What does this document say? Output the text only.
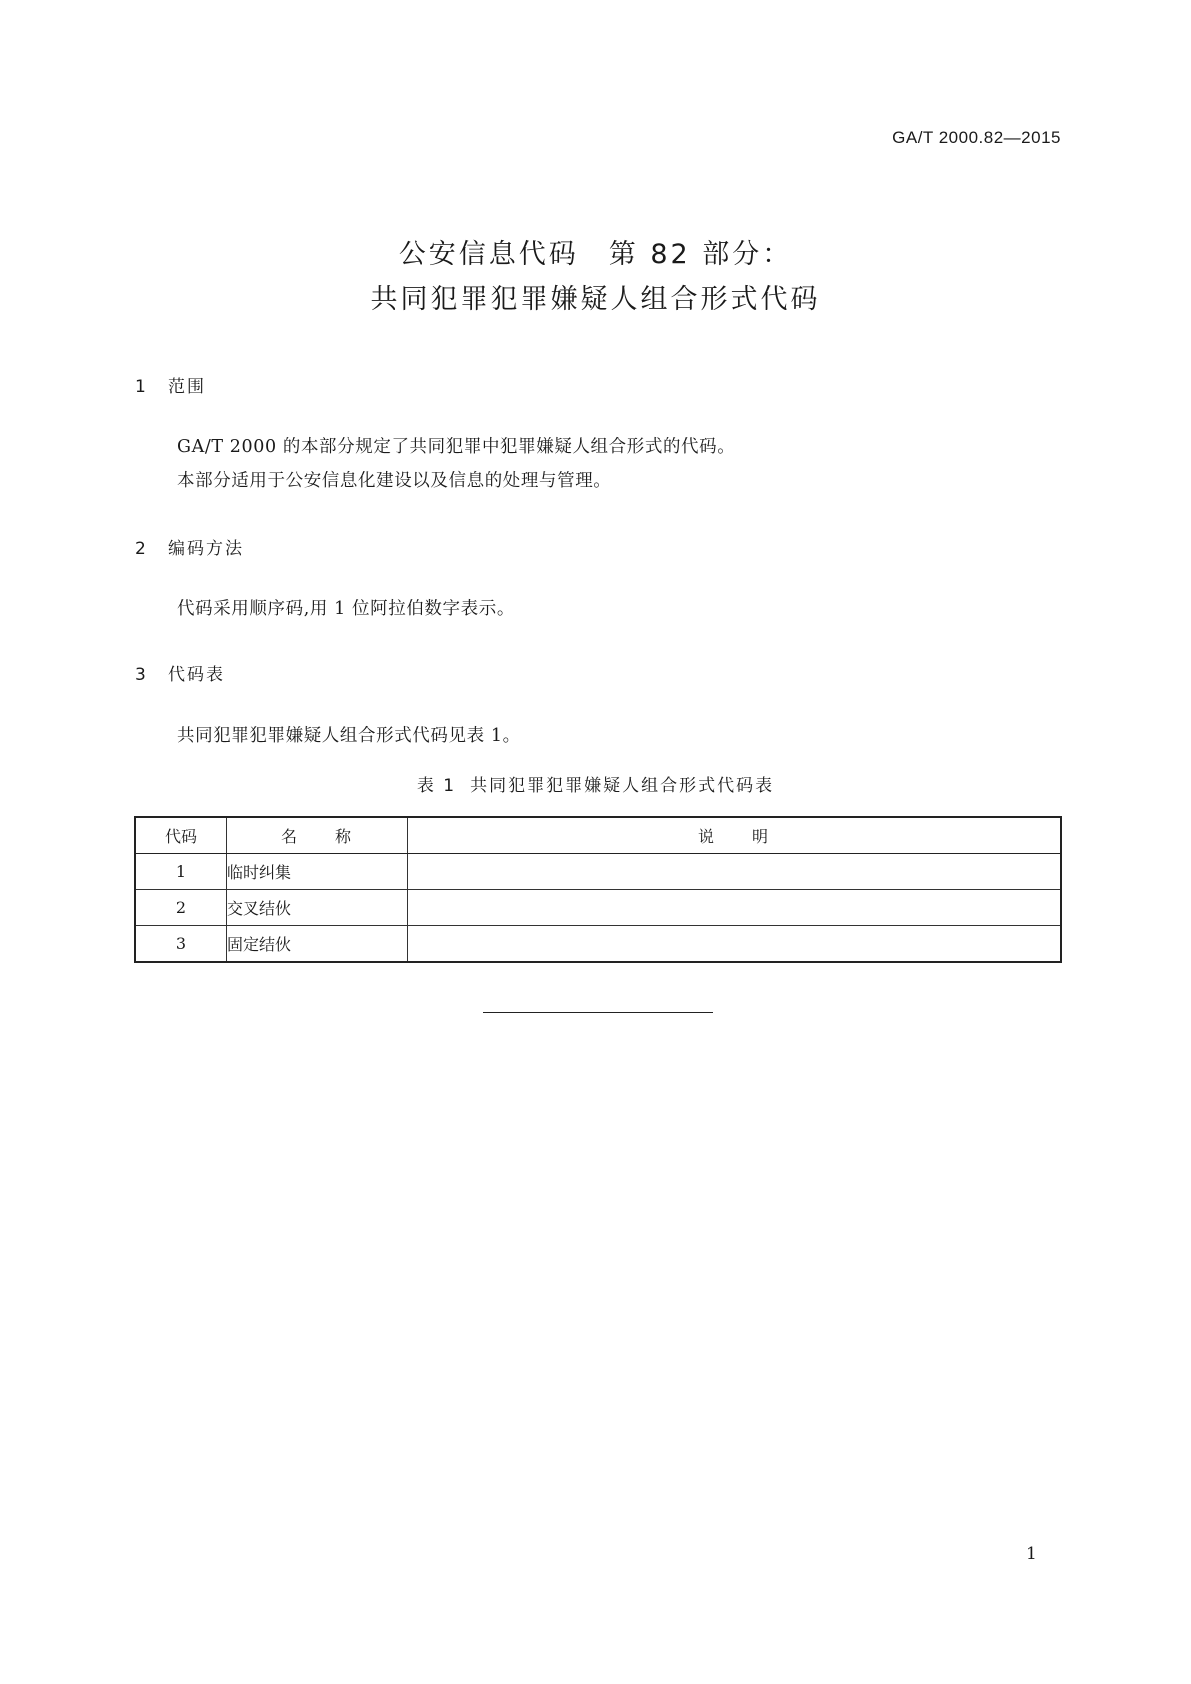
GA/T 2000.82—2015
公安信息代码　第 82 部分：
共同犯罪犯罪嫌疑人组合形式代码
1 范围
GA/T 2000 的本部分规定了共同犯罪中犯罪嫌疑人组合形式的代码。
本部分适用于公安信息化建设以及信息的处理与管理。
2 编码方法
代码采用顺序码,用 1 位阿拉伯数字表示。
3 代码表
共同犯罪犯罪嫌疑人组合形式代码见表 1。
表 1 共同犯罪犯罪嫌疑人组合形式代码表
代码	名　　称	说　　明
1	临时纠集	
2	交叉结伙	
3	固定结伙	
1
